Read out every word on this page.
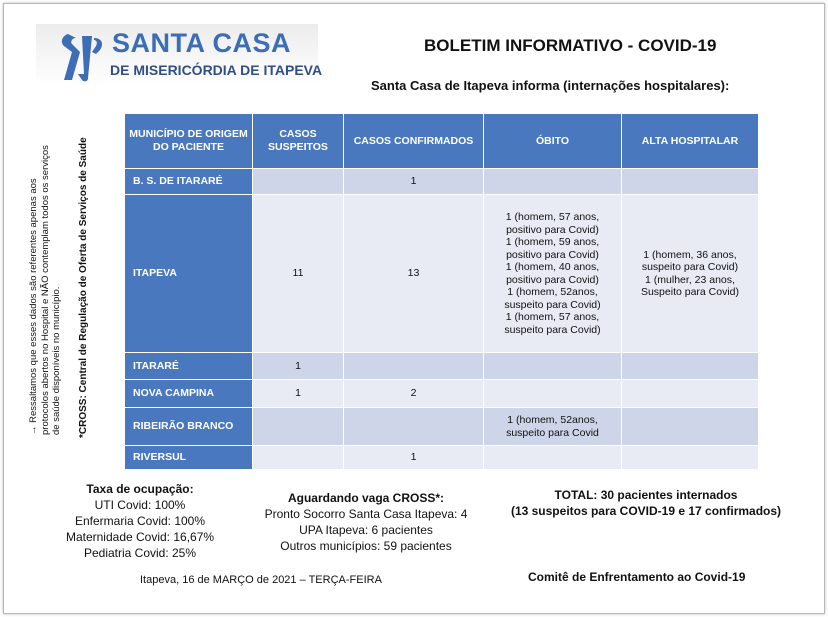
SANTA CASA
DE MISERICÓRDIA DE ITAPEVA
BOLETIM INFORMATIVO - COVID-19
Santa Casa de Itapeva informa (internações hospitalares):
→ Ressaltamos que esses dados são referentes apenas aos protocolos abertos no Hospital e NÃO contemplam todos os serviços de saúde disponíveis no município. *CROSS: Central de Regulação de Oferta de Serviços de Saúde
MUNICÍPIO DE ORIGEM DO PACIENTE	CASOS SUSPEITOS	CASOS CONFIRMADOS	ÓBITO	ALTA HOSPITALAR
B. S. DE ITARARÉ		1		
ITAPEVA	11	13	1 (homem, 57 anos, positivo para Covid)
1 (homem, 59 anos, positivo para Covid)
1 (homem, 40 anos, positivo para Covid)
1 (homem, 52anos, suspeito para Covid)
1 (homem, 57 anos, suspeito para Covid)	1 (homem, 36 anos, suspeito para Covid)
1 (mulher, 23 anos, Suspeito para Covid)
ITARARÉ	1			
NOVA CAMPINA	1	2		
RIBEIRÃO BRANCO			1 (homem, 52anos,
suspeito para Covid	
RIVERSUL		1		
Taxa de ocupação:
UTI Covid: 100%
Enfermaria Covid: 100%
Maternidade Covid: 16,67%
Pediatria Covid: 25%
Aguardando vaga CROSS*:
Pronto Socorro Santa Casa Itapeva: 4
UPA Itapeva: 6 pacientes
Outros municípios: 59 pacientes
TOTAL: 30 pacientes internados
(13 suspeitos para COVID-19 e 17 confirmados)
Itapeva, 16 de MARÇO de 2021 – TERÇA-FEIRA	Comitê de Enfrentamento ao Covid-19
